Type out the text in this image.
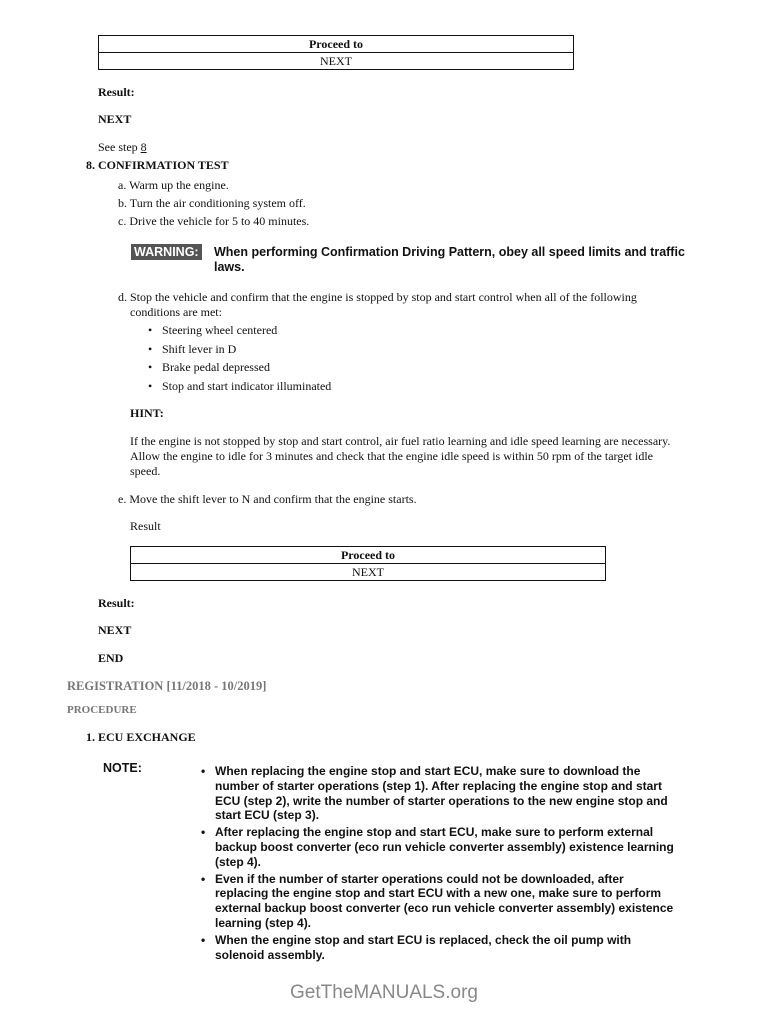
Proceed to
NEXT
Result:
NEXT
See step 8
8. CONFIRMATION TEST
a. Warm up the engine.
b. Turn the air conditioning system off.
c. Drive the vehicle for 5 to 40 minutes.
WARNING: When performing Confirmation Driving Pattern, obey all speed limits and traffic
laws.
d. Stop the vehicle and confirm that the engine is stopped by stop and start control when all of the following
conditions are met:
• Steering wheel centered
• Shift lever in D
• Brake pedal depressed
• Stop and start indicator illuminated
HINT:
If the engine is not stopped by stop and start control, air fuel ratio learning and idle speed learning are necessary.
Allow the engine to idle for 3 minutes and check that the engine idle speed is within 50 rpm of the target idle
speed.
e. Move the shift lever to N and confirm that the engine starts.
Result
Proceed to
NEXT
Result:
NEXT
END
REGISTRATION [11/2018 - 10/2019]
PROCEDURE
1. ECU EXCHANGE
NOTE:
•	When replacing the engine stop and start ECU, make sure to download the
number of starter operations (step 1). After replacing the engine stop and start
ECU (step 2), write the number of starter operations to the new engine stop and
start ECU (step 3).
• After replacing the engine stop and start ECU, make sure to perform external
backup boost converter (eco run vehicle converter assembly) existence learning
(step 4).
• Even if the number of starter operations could not be downloaded, after
replacing the engine stop and start ECU with a new one, make sure to perform
external backup boost converter (eco run vehicle converter assembly) existence
learning (step 4).
• When the engine stop and start ECU is replaced, check the oil pump with
solenoid assembly.
GetTheMANUALS.org
